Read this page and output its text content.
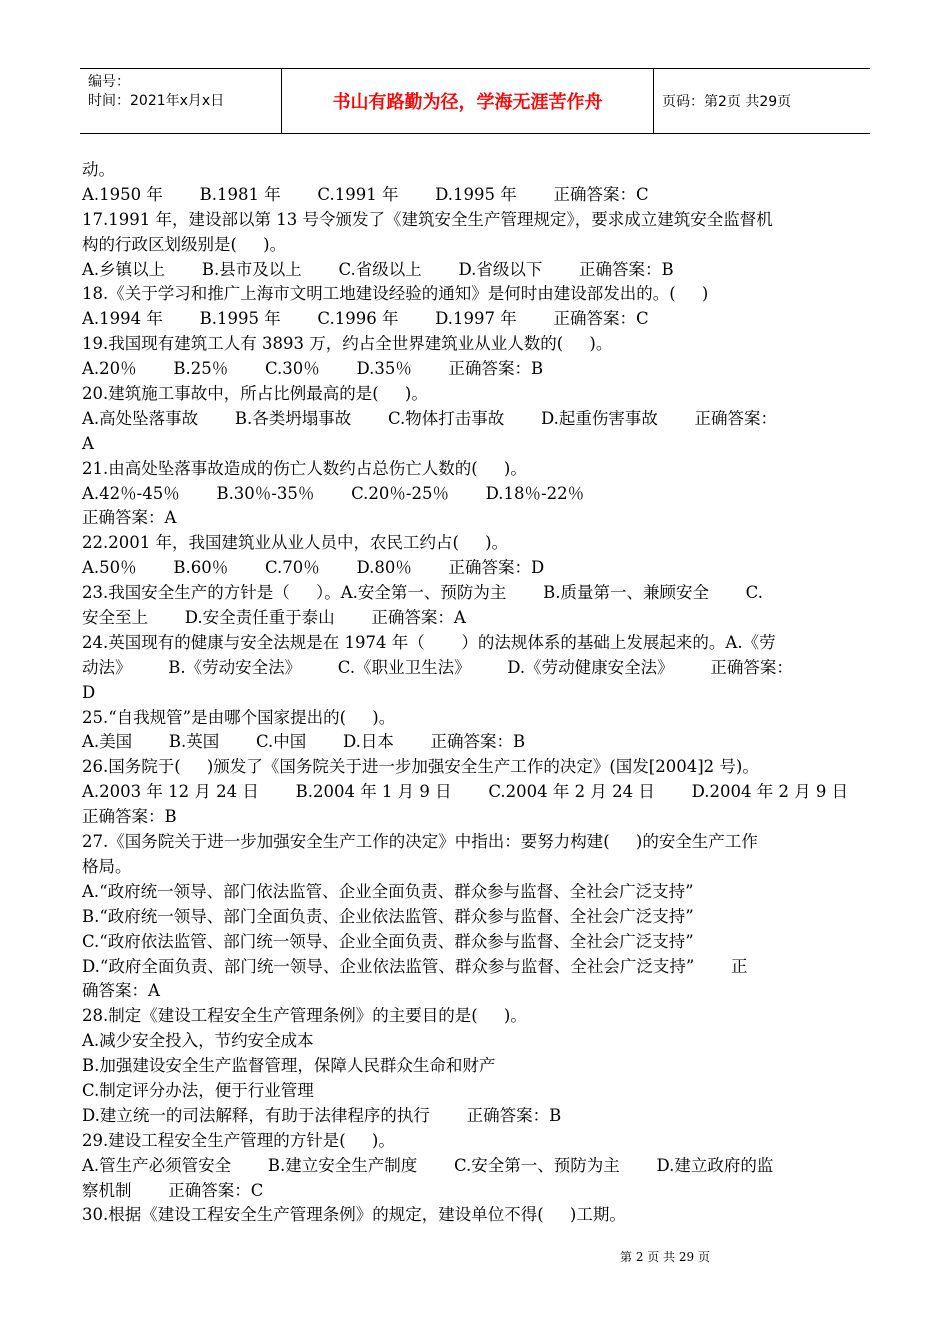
编号：
时间：2021年x月x日	书山有路勤为径，学海无涯苦作舟	页码：第2页 共29页
动。
A.1950 年       B.1981 年       C.1991 年       D.1995 年       正确答案：C
17.1991 年，建设部以第 13 号令颁发了《建筑安全生产管理规定》，要求成立建筑安全监督机
构的行政区划级别是(     )。
A.乡镇以上       B.县市及以上       C.省级以上       D.省级以下       正确答案：B
18.《关于学习和推广上海市文明工地建设经验的通知》是何时由建设部发出的。(     )
A.1994 年       B.1995 年       C.1996 年       D.1997 年       正确答案：C
19.我国现有建筑工人有 3893 万，约占全世界建筑业从业人数的(     )。
A.20％       B.25％       C.30％       D.35％       正确答案：B
20.建筑施工事故中，所占比例最高的是(     )。
A.高处坠落事故       B.各类坍塌事故       C.物体打击事故       D.起重伤害事故       正确答案：
A
21.由高处坠落事故造成的伤亡人数约占总伤亡人数的(     )。
A.42％-45％       B.30％-35％       C.20％-25％       D.18％-22％
正确答案：A
22.2001 年，我国建筑业从业人员中，农民工约占(     )。
A.50％       B.60％       C.70％       D.80％       正确答案：D
23.我国安全生产的方针是（     ）。A.安全第一、预防为主       B.质量第一、兼顾安全       C.
安全至上       D.安全责任重于泰山       正确答案：A
24.英国现有的健康与安全法规是在 1974 年（       ）的法规体系的基础上发展起来的。A.《劳
动法》       B.《劳动安全法》       C.《职业卫生法》       D.《劳动健康安全法》       正确答案：
D
25.“自我规管”是由哪个国家提出的(     )。
A.美国       B.英国       C.中国       D.日本       正确答案：B
26.国务院于(     )颁发了《国务院关于进一步加强安全生产工作的决定》(国发[2004]2 号)。
A.2003 年 12 月 24 日       B.2004 年 1 月 9 日       C.2004 年 2 月 24 日       D.2004 年 2 月 9 日
正确答案：B
27.《国务院关于进一步加强安全生产工作的决定》中指出：要努力构建(     )的安全生产工作
格局。
A.“政府统一领导、部门依法监管、企业全面负责、群众参与监督、全社会广泛支持”
B.“政府统一领导、部门全面负责、企业依法监管、群众参与监督、全社会广泛支持”
C.“政府依法监管、部门统一领导、企业全面负责、群众参与监督、全社会广泛支持”
D.“政府全面负责、部门统一领导、企业依法监管、群众参与监督、全社会广泛支持”       正
确答案：A
28.制定《建设工程安全生产管理条例》的主要目的是(     )。
A.减少安全投入，节约安全成本
B.加强建设安全生产监督管理，保障人民群众生命和财产
C.制定评分办法，便于行业管理
D.建立统一的司法解释，有助于法律程序的执行       正确答案：B
29.建设工程安全生产管理的方针是(     )。
A.管生产必须管安全       B.建立安全生产制度       C.安全第一、预防为主       D.建立政府的监
察机制       正确答案：C
30.根据《建设工程安全生产管理条例》的规定，建设单位不得(     )工期。
第 2 页 共 29 页
